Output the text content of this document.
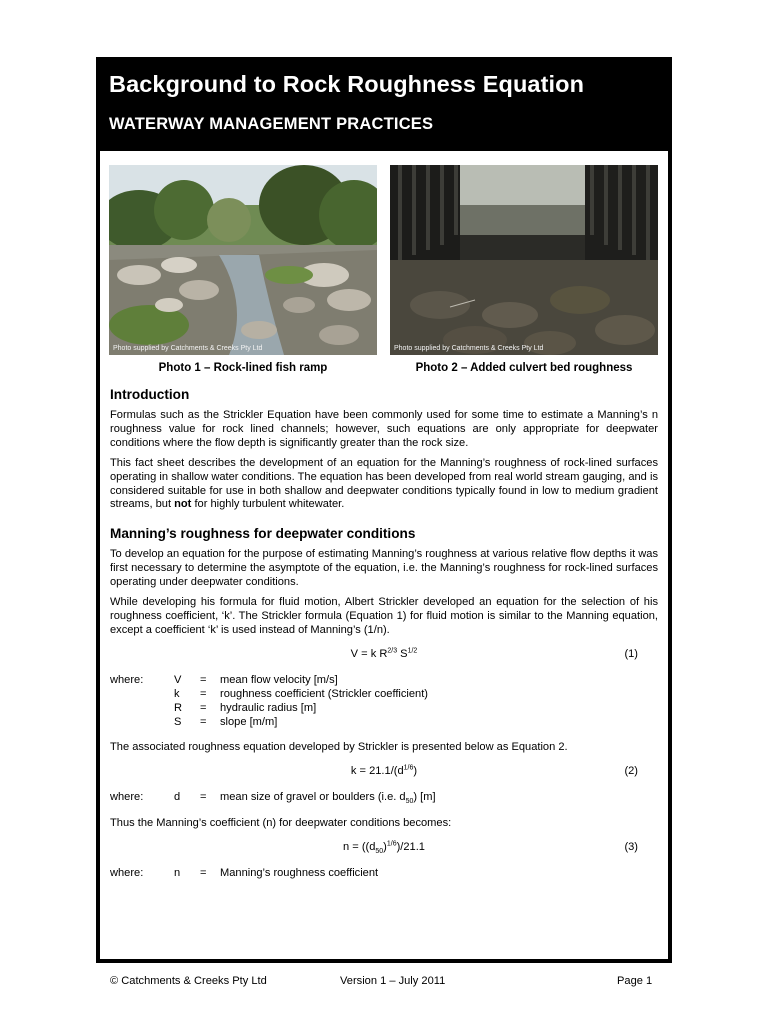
Background to Rock Roughness Equation
WATERWAY MANAGEMENT PRACTICES
Photo supplied by Catchments & Creeks Pty Ltd	Photo supplied by Catchments & Creeks Pty Ltd
Photo 1 – Rock-lined fish ramp	Photo 2 – Added culvert bed roughness
Introduction

Formulas such as the Strickler Equation have been commonly used for some time to estimate a Manning’s n roughness value for rock lined channels; however, such equations are only appropriate for deepwater conditions where the flow depth is significantly greater than the rock size.

This fact sheet describes the development of an equation for the Manning’s roughness of rock-lined surfaces operating in shallow water conditions. The equation has been developed from real world stream gauging, and is considered suitable for use in both shallow and deepwater conditions typically found in low to medium gradient streams, but not for highly turbulent whitewater.

Manning’s roughness for deepwater conditions

To develop an equation for the purpose of estimating Manning’s roughness at various relative flow depths it was first necessary to determine the asymptote of the equation, i.e. the Manning’s roughness for rock-lined surfaces operating under deepwater conditions.

While developing his formula for fluid motion, Albert Strickler developed an equation for the selection of his roughness coefficient, ‘k’. The Strickler formula (Equation 1) for fluid motion is similar to the Manning equation, except a coefficient ‘k’ is used instead of Manning’s (1/n).

V = k $R^{2/3}$ $S^{1/2}$	(1)
where:	V	=	mean flow velocity [m/s]
k	=	roughness coefficient (Strickler coefficient)
R	=	hydraulic radius [m]
S	=	slope [m/m]

The associated roughness equation developed by Strickler is presented below as Equation 2.

$k = 21.1/(d^{1/6})$	(2)
where:	d	=	mean size of gravel or boulders (i.e. $d_{50}$) [m]

Thus the Manning’s coefficient (n) for deepwater conditions becomes:

$n = ((d_{50})^{1/6})/21.1$	(3)
where:	n	=	Manning’s roughness coefficient
© Catchments & Creeks Pty Ltd	Version 1 – July 2011	Page 1
